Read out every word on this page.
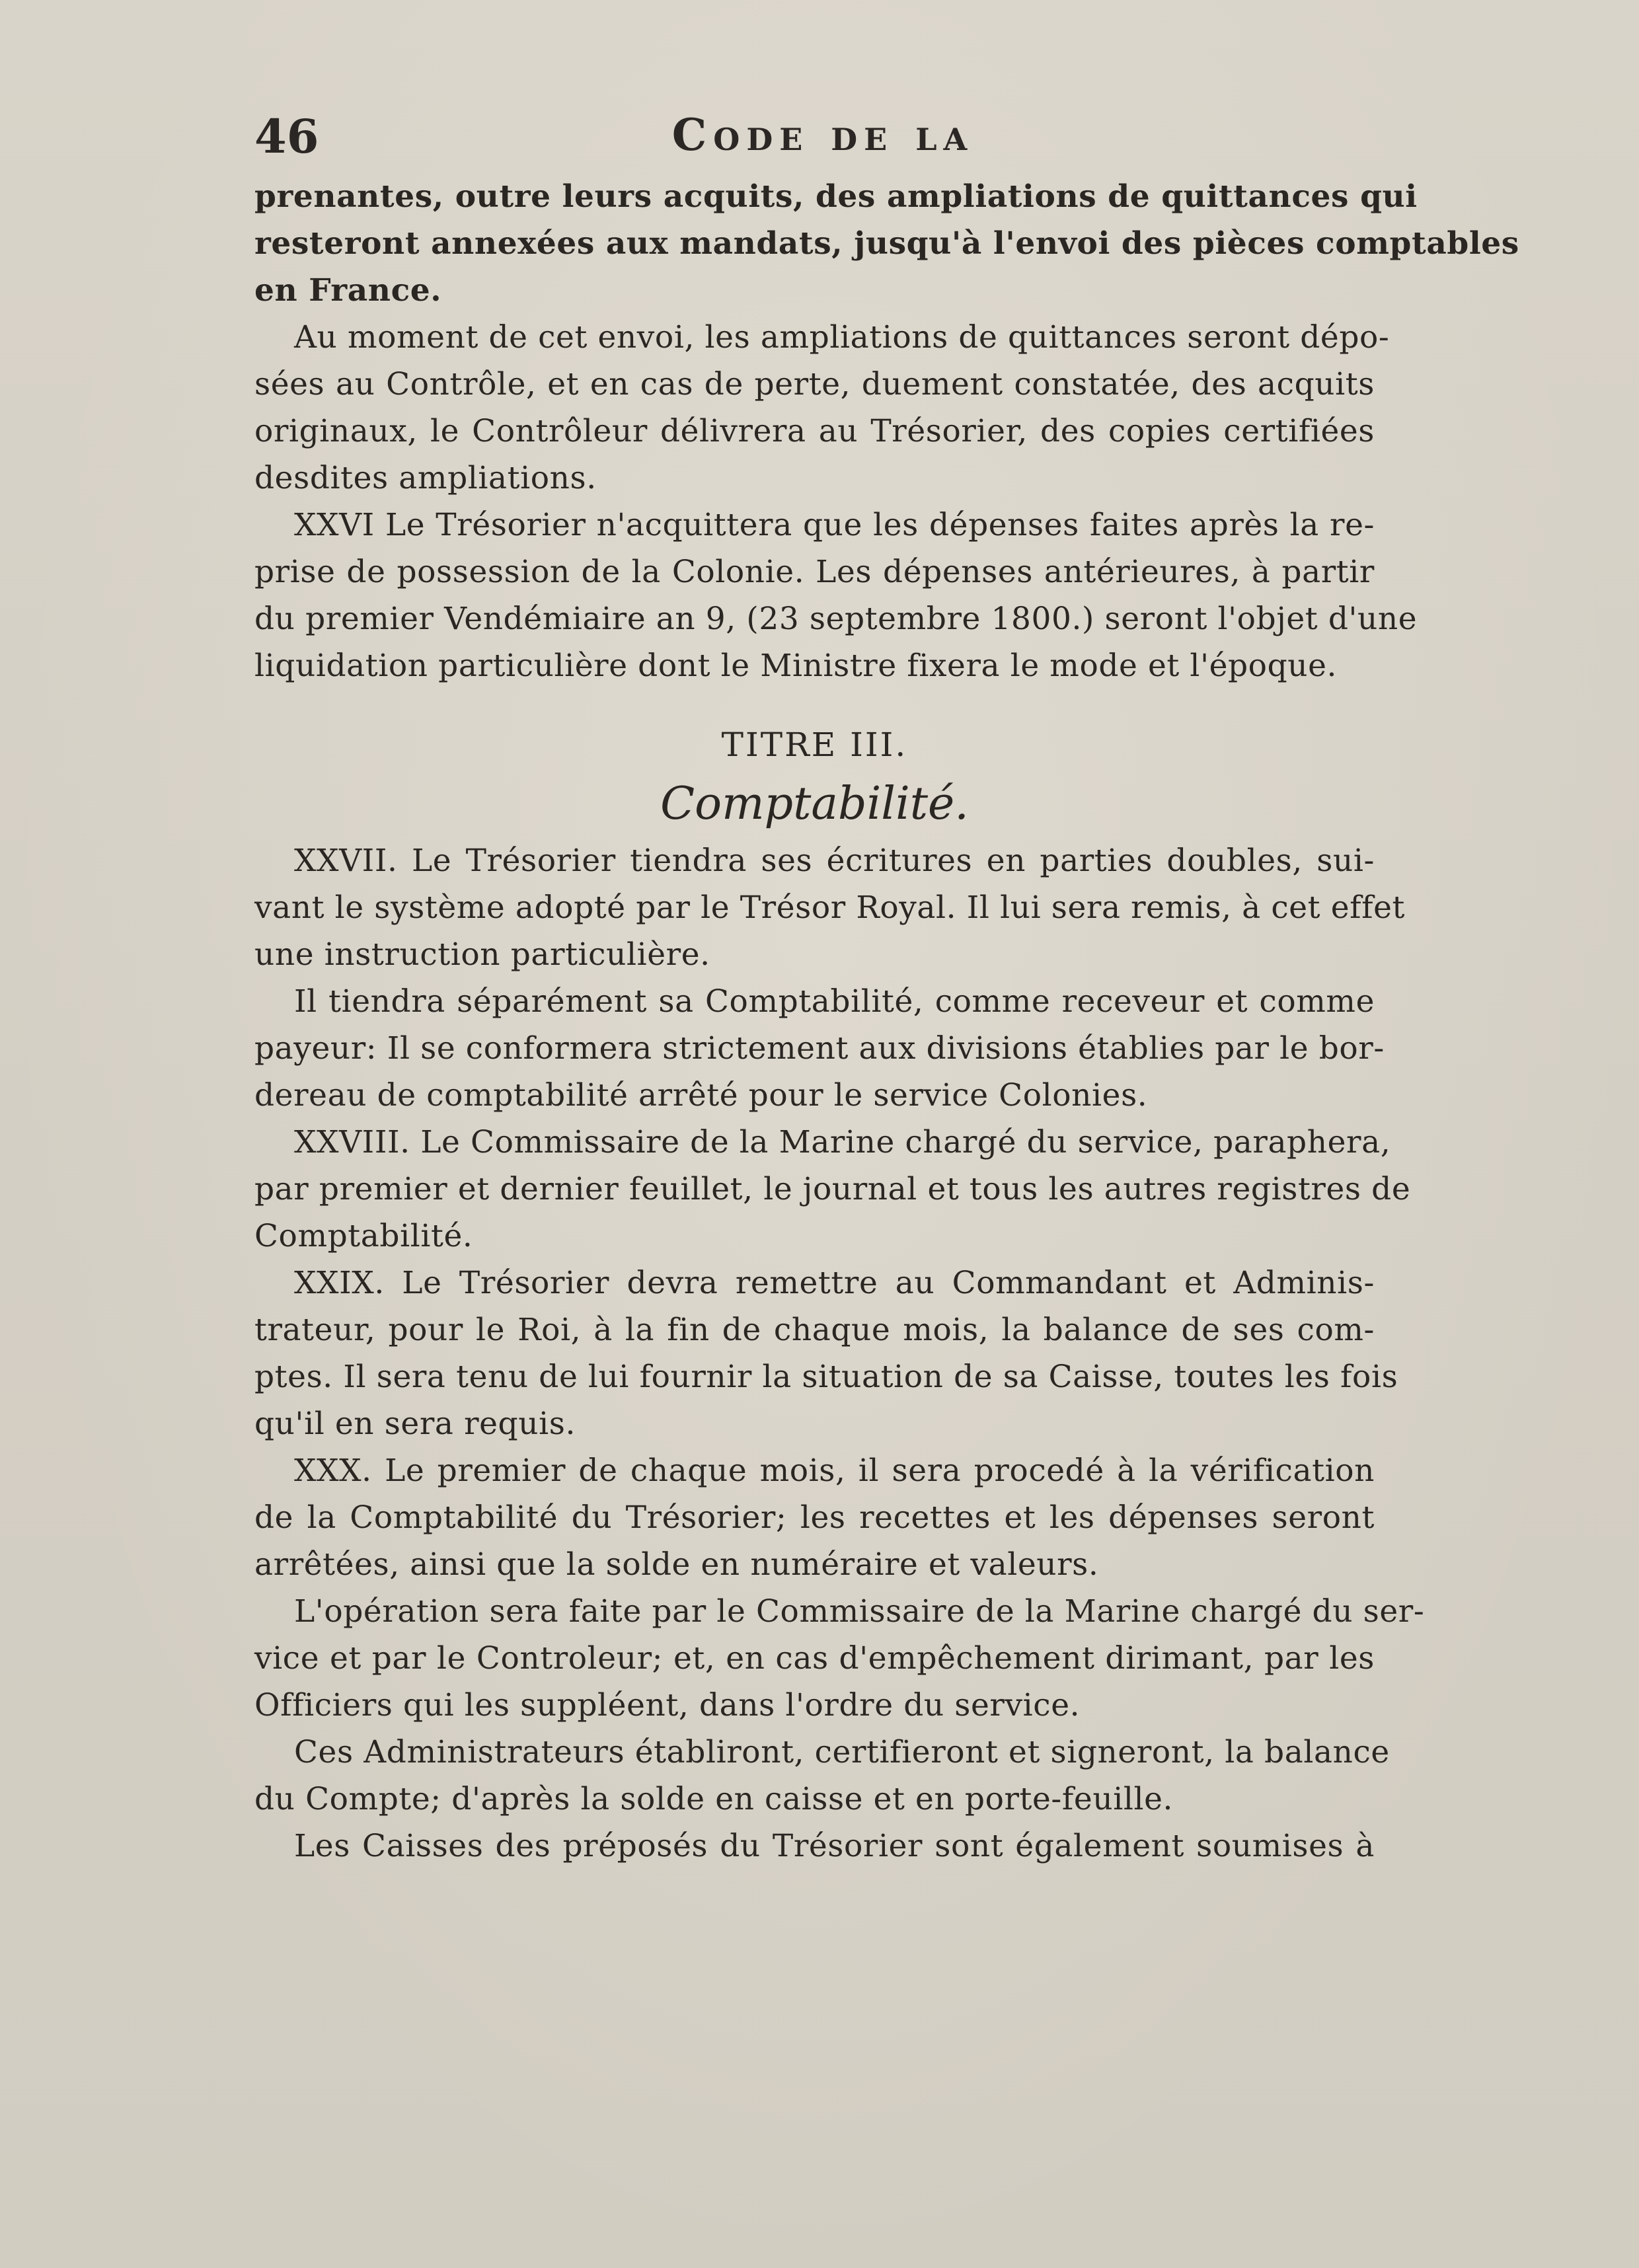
46	Code de la
prenantes, outre leurs acquits, des ampliations de quittances qui
resteront annexées aux mandats, jusqu'à l'envoi des pièces comptables
en France.
Au moment de cet envoi, les ampliations de quittances seront dépo-
sées au Contrôle, et en cas de perte, duement constatée, des acquits
originaux, le Contrôleur délivrera au Trésorier, des copies certifiées
desdites ampliations.
XXVI Le Trésorier n'acquittera que les dépenses faites après la re-
prise de possession de la Colonie. Les dépenses antérieures, à partir
du premier Vendémiaire an 9, (23 septembre 1800.) seront l'objet d'une
liquidation particulière dont le Ministre fixera le mode et l'époque.
TITRE III.
Comptabilité.
XXVII. Le Trésorier tiendra ses écritures en parties doubles, sui-
vant le système adopté par le Trésor Royal. Il lui sera remis, à cet effet
une instruction particulière.
Il tiendra séparément sa Comptabilité, comme receveur et comme
payeur: Il se conformera strictement aux divisions établies par le bor-
dereau de comptabilité arrêté pour le service Colonies.
XXVIII. Le Commissaire de la Marine chargé du service, paraphera,
par premier et dernier feuillet, le journal et tous les autres registres de
Comptabilité.
XXIX. Le Trésorier devra remettre au Commandant et Adminis-
trateur, pour le Roi, à la fin de chaque mois, la balance de ses com-
ptes. Il sera tenu de lui fournir la situation de sa Caisse, toutes les fois
qu'il en sera requis.
XXX. Le premier de chaque mois, il sera procedé à la vérification
de la Comptabilité du Trésorier; les recettes et les dépenses seront
arrêtées, ainsi que la solde en numéraire et valeurs.
L'opération sera faite par le Commissaire de la Marine chargé du ser-
vice et par le Controleur; et, en cas d'empêchement dirimant, par les
Officiers qui les suppléent, dans l'ordre du service.
Ces Administrateurs établiront, certifieront et signeront, la balance
du Compte; d'après la solde en caisse et en porte-feuille.
Les Caisses des préposés du Trésorier sont également soumises à
